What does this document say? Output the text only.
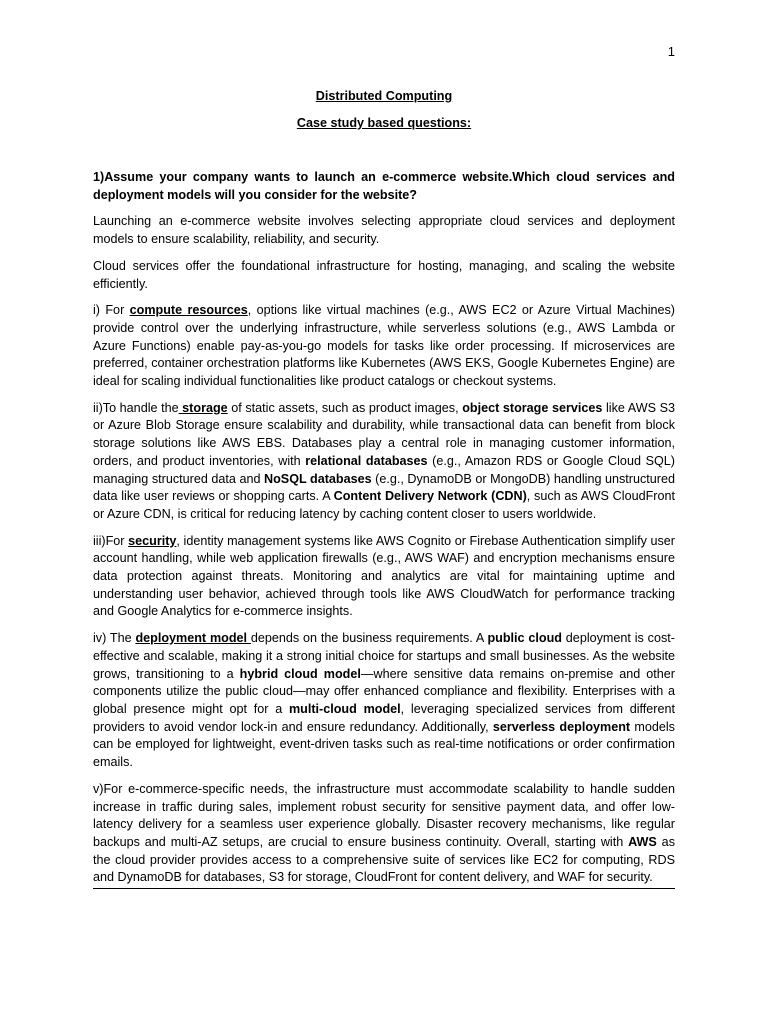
1

Distributed Computing

Case study based questions:

1)Assume your company wants to launch an e-commerce website.Which cloud services and deployment models will you consider for the website?

Launching an e-commerce website involves selecting appropriate cloud services and deployment models to ensure scalability, reliability, and security.

Cloud services offer the foundational infrastructure for hosting, managing, and scaling the website efficiently.

i) For compute resources, options like virtual machines (e.g., AWS EC2 or Azure Virtual Machines) provide control over the underlying infrastructure, while serverless solutions (e.g., AWS Lambda or Azure Functions) enable pay-as-you-go models for tasks like order processing. If microservices are preferred, container orchestration platforms like Kubernetes (AWS EKS, Google Kubernetes Engine) are ideal for scaling individual functionalities like product catalogs or checkout systems.

ii)To handle the storage of static assets, such as product images, object storage services like AWS S3 or Azure Blob Storage ensure scalability and durability, while transactional data can benefit from block storage solutions like AWS EBS. Databases play a central role in managing customer information, orders, and product inventories, with relational databases (e.g., Amazon RDS or Google Cloud SQL) managing structured data and NoSQL databases (e.g., DynamoDB or MongoDB) handling unstructured data like user reviews or shopping carts. A Content Delivery Network (CDN), such as AWS CloudFront or Azure CDN, is critical for reducing latency by caching content closer to users worldwide.

iii)For security, identity management systems like AWS Cognito or Firebase Authentication simplify user account handling, while web application firewalls (e.g., AWS WAF) and encryption mechanisms ensure data protection against threats. Monitoring and analytics are vital for maintaining uptime and understanding user behavior, achieved through tools like AWS CloudWatch for performance tracking and Google Analytics for e-commerce insights.

iv) The deployment model depends on the business requirements. A public cloud deployment is cost-effective and scalable, making it a strong initial choice for startups and small businesses. As the website grows, transitioning to a hybrid cloud model—where sensitive data remains on-premise and other components utilize the public cloud—may offer enhanced compliance and flexibility. Enterprises with a global presence might opt for a multi-cloud model, leveraging specialized services from different providers to avoid vendor lock-in and ensure redundancy. Additionally, serverless deployment models can be employed for lightweight, event-driven tasks such as real-time notifications or order confirmation emails.

v)For e-commerce-specific needs, the infrastructure must accommodate scalability to handle sudden increase in traffic during sales, implement robust security for sensitive payment data, and offer low-latency delivery for a seamless user experience globally. Disaster recovery mechanisms, like regular backups and multi-AZ setups, are crucial to ensure business continuity. Overall, starting with AWS as the cloud provider provides access to a comprehensive suite of services like EC2 for computing, RDS and DynamoDB for databases, S3 for storage, CloudFront for content delivery, and WAF for security.
